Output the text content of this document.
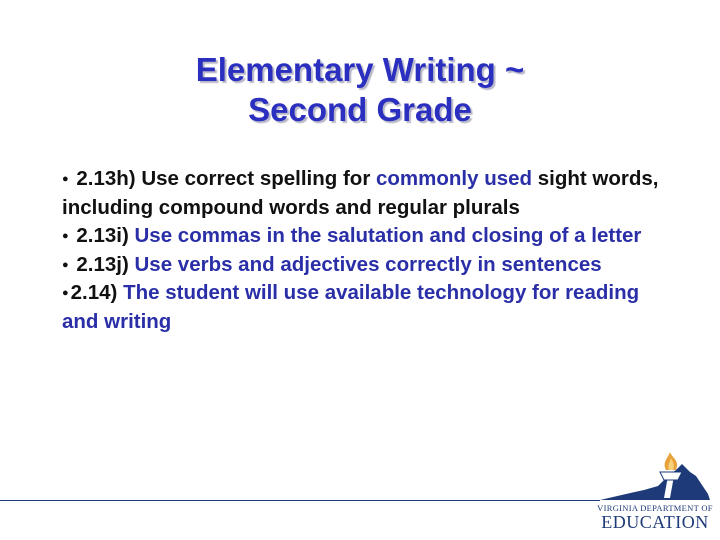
Elementary Writing ~
Second Grade
● 2.13h) Use correct spelling for commonly used sight words, including compound words and regular plurals
● 2.13i) Use commas in the salutation and closing of a letter
● 2.13j) Use verbs and adjectives correctly in sentences
●2.14) The student will use available technology for reading and writing
VIRGINIA DEPARTMENT OF
EDUCATION
